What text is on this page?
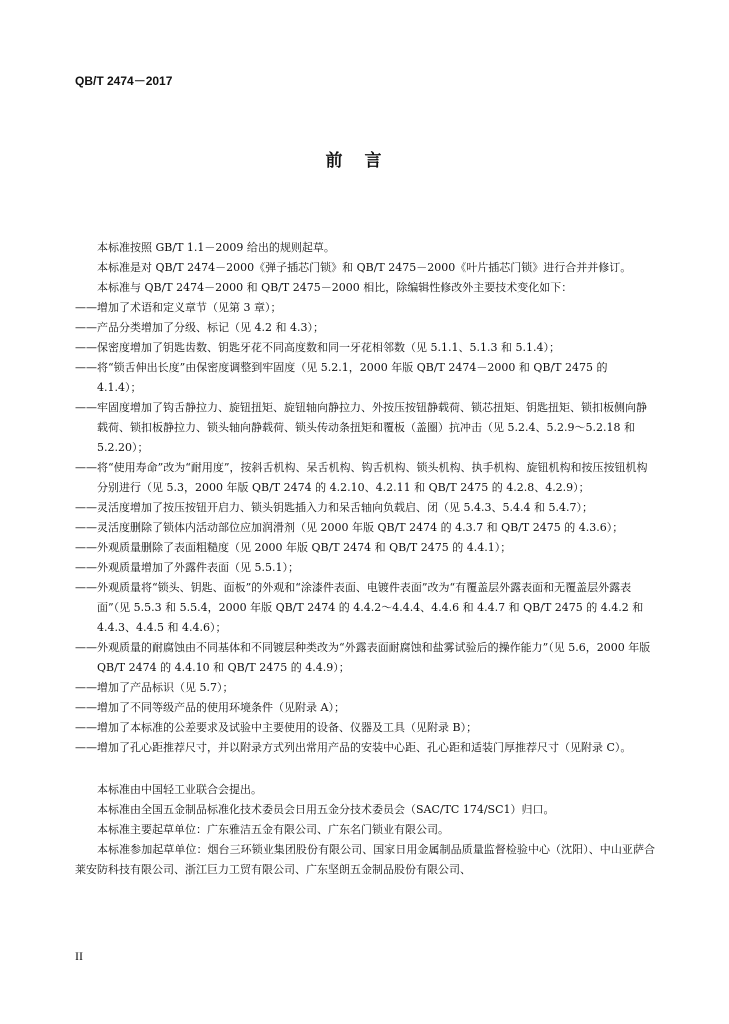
QB/T 2474－2017
前言

本标准按照 GB/T 1.1－2009 给出的规则起草。

本标准是对 QB/T 2474－2000《弹子插芯门锁》和 QB/T 2475－2000《叶片插芯门锁》进行合并并修订。

本标准与 QB/T 2474－2000 和 QB/T 2475－2000 相比，除编辑性修改外主要技术变化如下：

——增加了术语和定义章节（见第 3 章）；
——产品分类增加了分级、标记（见 4.2 和 4.3）；
——保密度增加了钥匙齿数、钥匙牙花不同高度数和同一牙花相邻数（见 5.1.1、5.1.3 和 5.1.4）；
——将“锁舌伸出长度”由保密度调整到牢固度（见 5.2.1，2000 年版 QB/T 2474－2000 和 QB/T 2475 的 4.1.4）；
——牢固度增加了钩舌静拉力、旋钮扭矩、旋钮轴向静拉力、外按压按钮静载荷、锁芯扭矩、钥匙扭矩、锁扣板侧向静载荷、锁扣板静拉力、锁头轴向静载荷、锁头传动条扭矩和覆板（盖圈）抗冲击（见 5.2.4、5.2.9～5.2.18 和 5.2.20）；
——将“使用寿命”改为“耐用度”，按斜舌机构、呆舌机构、钩舌机构、锁头机构、执手机构、旋钮机构和按压按钮机构分别进行（见 5.3，2000 年版 QB/T 2474 的 4.2.10、4.2.11 和 QB/T 2475 的 4.2.8、4.2.9）；
——灵活度增加了按压按钮开启力、锁头钥匙插入力和呆舌轴向负载启、闭（见 5.4.3、5.4.4 和 5.4.7）；
——灵活度删除了锁体内活动部位应加润滑剂（见 2000 年版 QB/T 2474 的 4.3.7 和 QB/T 2475 的 4.3.6）；
——外观质量删除了表面粗糙度（见 2000 年版 QB/T 2474 和 QB/T 2475 的 4.4.1）；
——外观质量增加了外露件表面（见 5.5.1）；
——外观质量将“锁头、钥匙、面板”的外观和“涂漆件表面、电镀件表面”改为“有覆盖层外露表面和无覆盖层外露表面”（见 5.5.3 和 5.5.4，2000 年版 QB/T 2474 的 4.4.2～4.4.4、4.4.6 和 4.4.7 和 QB/T 2475 的 4.4.2 和 4.4.3、4.4.5 和 4.4.6）；
——外观质量的耐腐蚀由不同基体和不同镀层种类改为“外露表面耐腐蚀和盐雾试验后的操作能力”（见 5.6，2000 年版 QB/T 2474 的 4.4.10 和 QB/T 2475 的 4.4.9）；
——增加了产品标识（见 5.7）；
——增加了不同等级产品的使用环境条件（见附录 A）；
——增加了本标准的公差要求及试验中主要使用的设备、仪器及工具（见附录 B）；
——增加了孔心距推荐尺寸，并以附录方式列出常用产品的安装中心距、孔心距和适装门厚推荐尺寸（见附录 C）。

本标准由中国轻工业联合会提出。

本标准由全国五金制品标准化技术委员会日用五金分技术委员会（SAC/TC 174/SC1）归口。

本标准主要起草单位：广东雅洁五金有限公司、广东名门锁业有限公司。

本标准参加起草单位：烟台三环锁业集团股份有限公司、国家日用金属制品质量监督检验中心（沈阳）、中山亚萨合莱安防科技有限公司、浙江巨力工贸有限公司、广东坚朗五金制品股份有限公司、

II
